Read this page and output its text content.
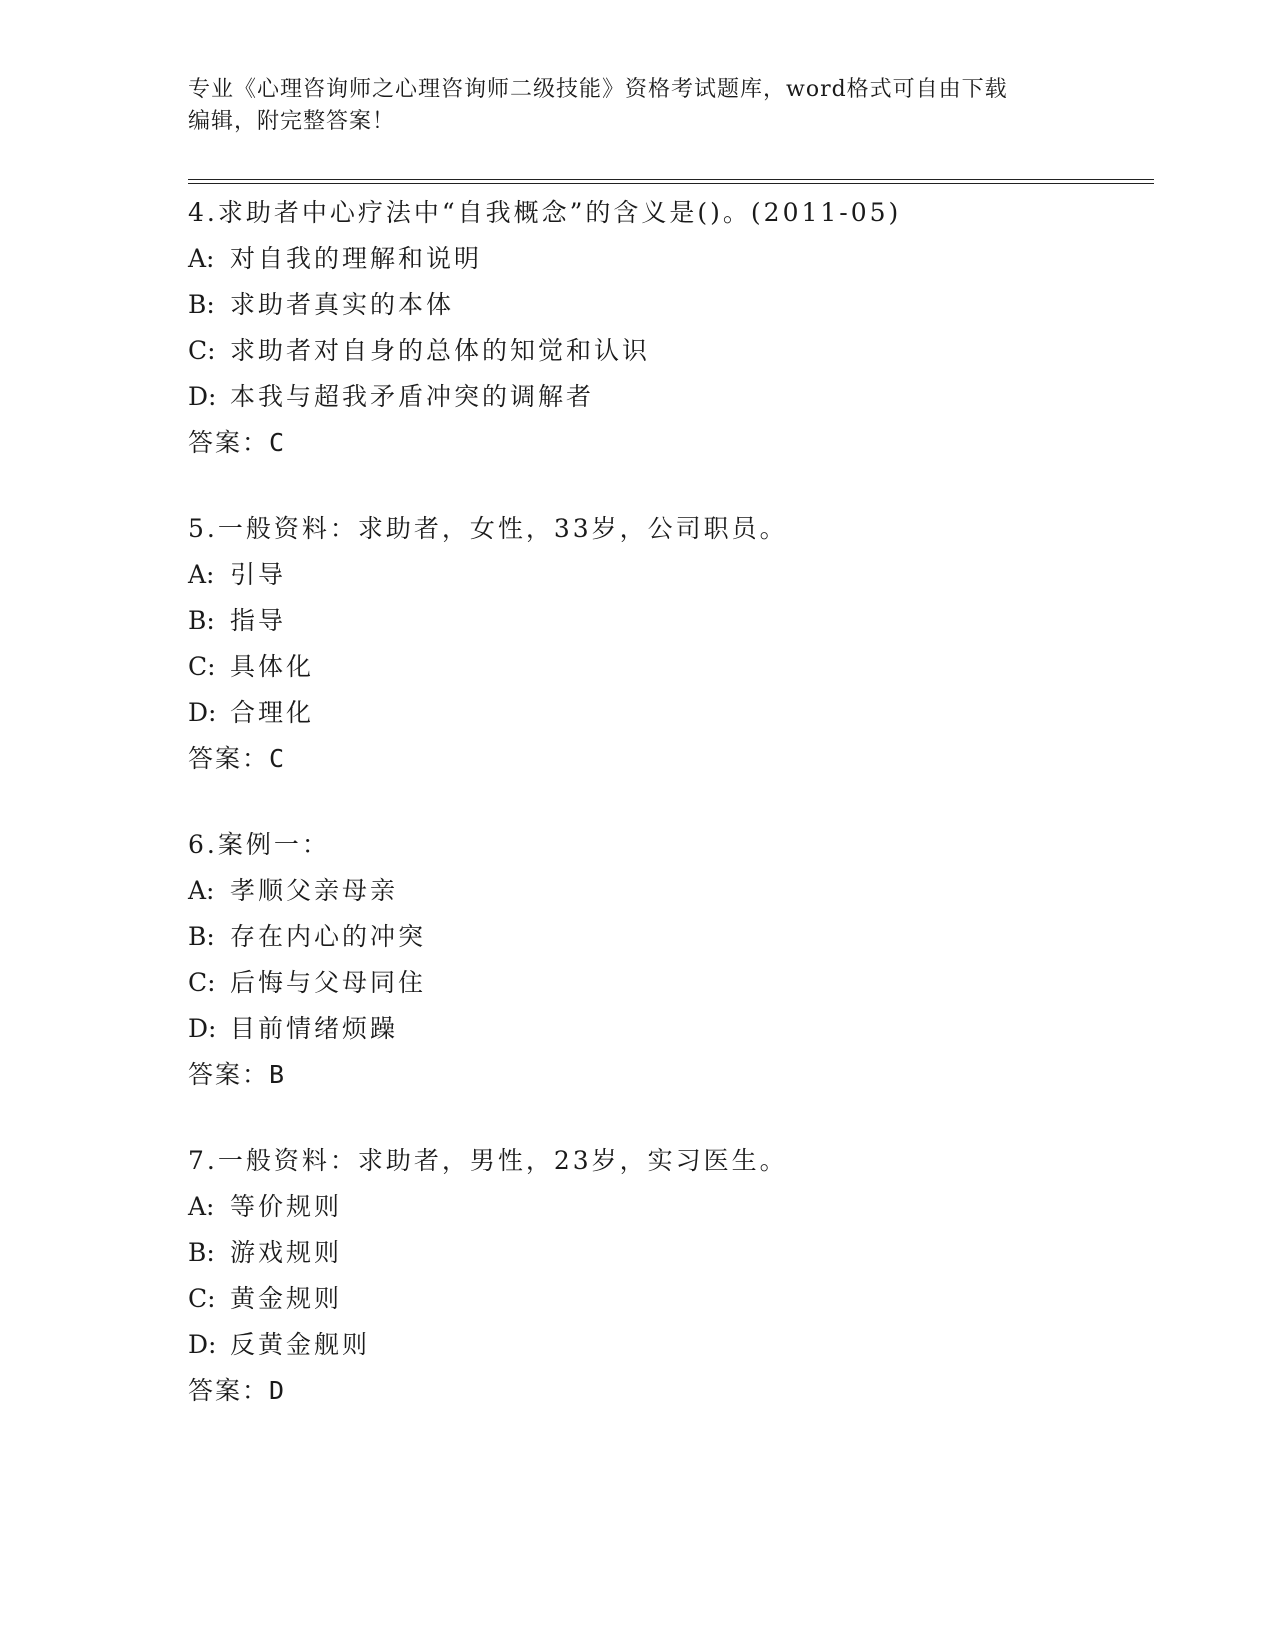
专业《心理咨询师之心理咨询师二级技能》资格考试题库，word格式可自由下载
编辑，附完整答案！
4.求助者中心疗法中“自我概念”的含义是()。(2011-05)
A: 对自我的理解和说明
B: 求助者真实的本体
C: 求助者对自身的总体的知觉和认识
D: 本我与超我矛盾冲突的调解者
答案：C
5.一般资料：求助者，女性，33岁，公司职员。
A: 引导
B: 指导
C: 具体化
D: 合理化
答案：C
6.案例一：
A: 孝顺父亲母亲
B: 存在内心的冲突
C: 后悔与父母同住
D: 目前情绪烦躁
答案：B
7.一般资料：求助者，男性，23岁，实习医生。
A: 等价规则
B: 游戏规则
C: 黄金规则
D: 反黄金舰则
答案：D
